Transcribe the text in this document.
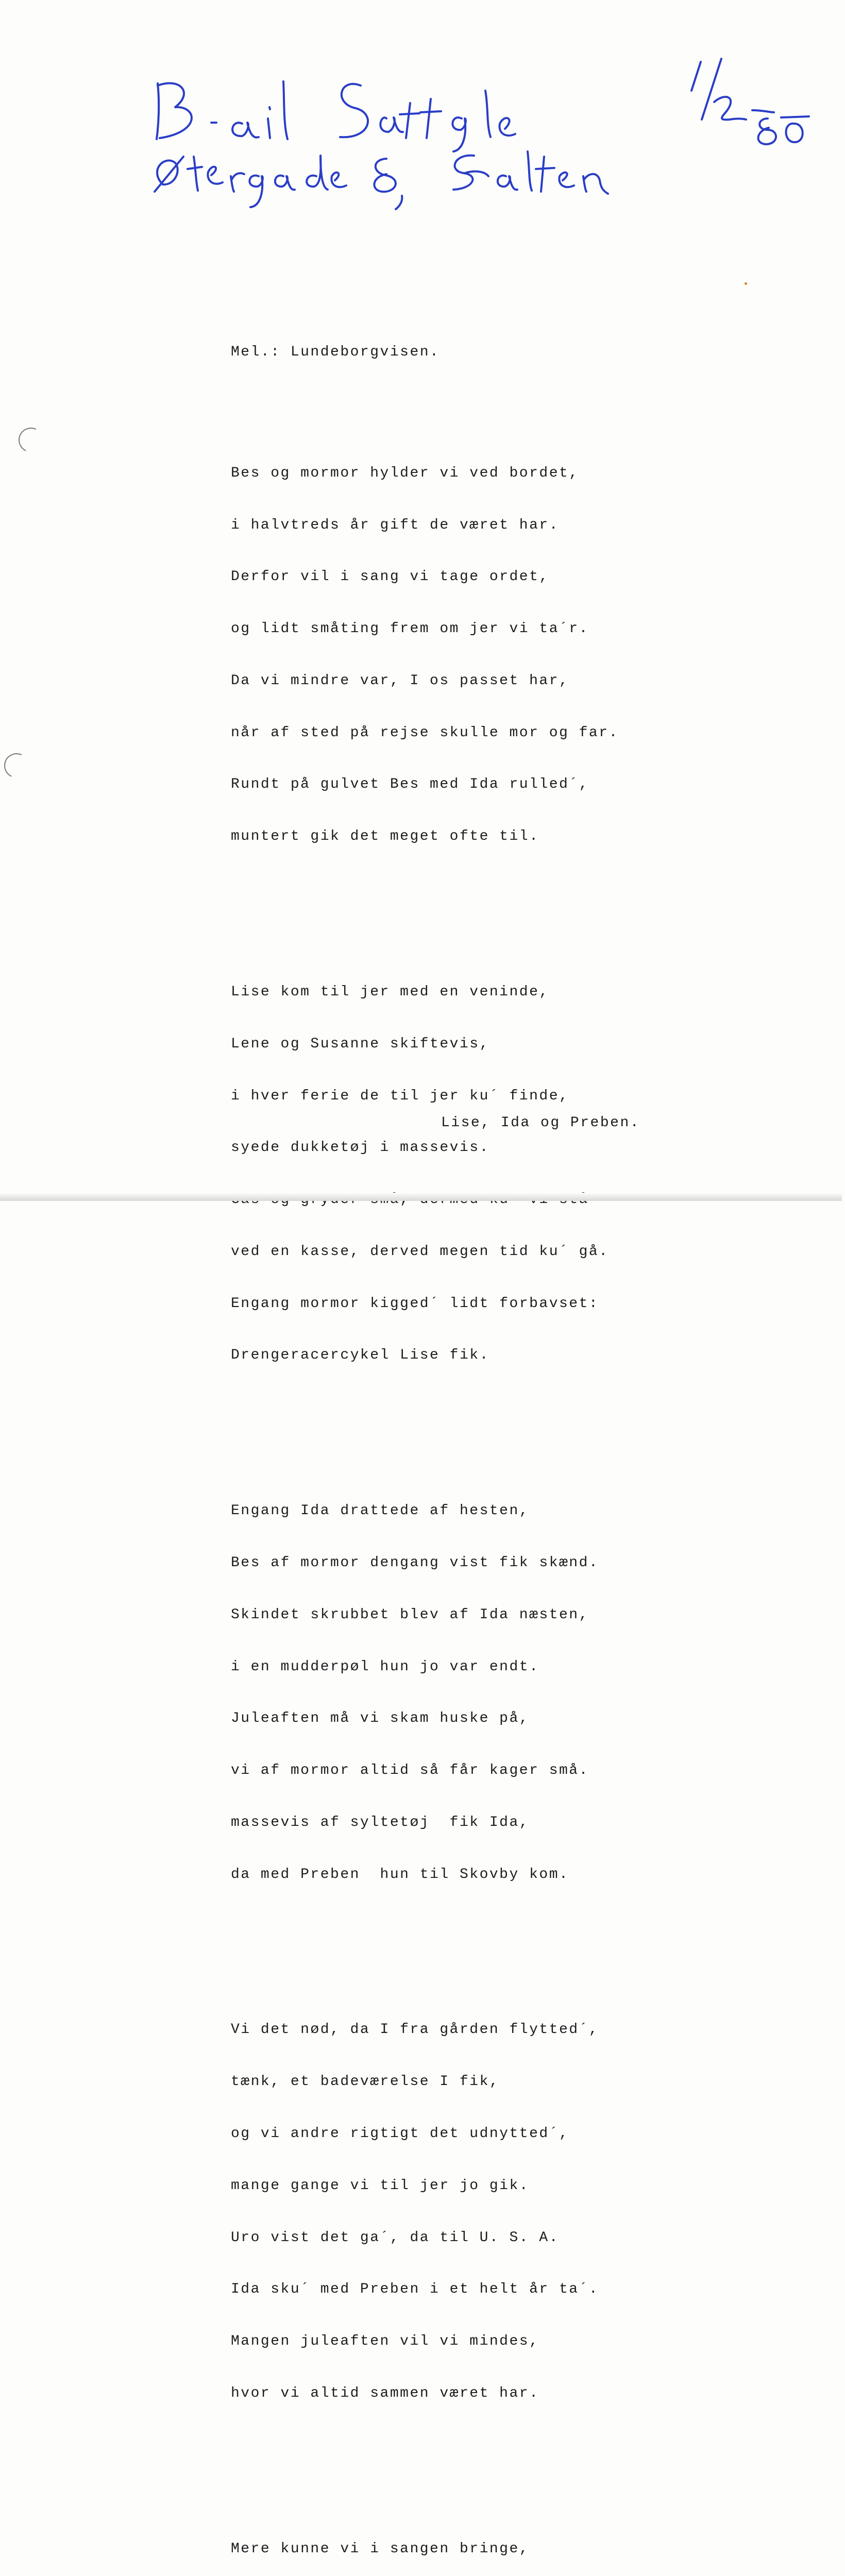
Mel.: Lundeborgvisen.

Bes og mormor hylder vi ved bordet,

i halvtreds år gift de været har.

Derfor vil i sang vi tage ordet,

og lidt småting frem om jer vi ta´r.

Da vi mindre var, I os passet har,

når af sted på rejse skulle mor og far.

Rundt på gulvet Bes med Ida rulled´,

muntert gik det meget ofte til.

Lise kom til jer med en veninde,

Lene og Susanne skiftevis,

i hver ferie de til jer ku´ finde,

syede dukketøj i massevis.

ved en kasse, derved megen tid ku´ gå.

Engang mormor kigged´ lidt forbavset:

Drengeracercykel Lise fik.

Engang Ida drattede af hesten,

Bes af mormor dengang vist fik skænd.

Skindet skrubbet blev af Ida næsten,

i en mudderpøl hun jo var endt.

Juleaften må vi skam huske på,

vi af mormor altid så får kager små.

massevis af syltetøj  fik Ida,

da med Preben  hun til Skovby kom.

Vi det nød, da I fra gården flytted´,

tænk, et badeværelse I fik,

og vi andre rigtigt det udnytted´,

mange gange vi til jer jo gik.

Uro vist det ga´, da til U. S. A.

Ida sku´ med Preben i et helt år ta´.

Mangen juleaften vil vi mindes,

hvor vi altid sammen været har.

Mere kunne vi i sangen bringe,

Lise, Ida og Preben.
